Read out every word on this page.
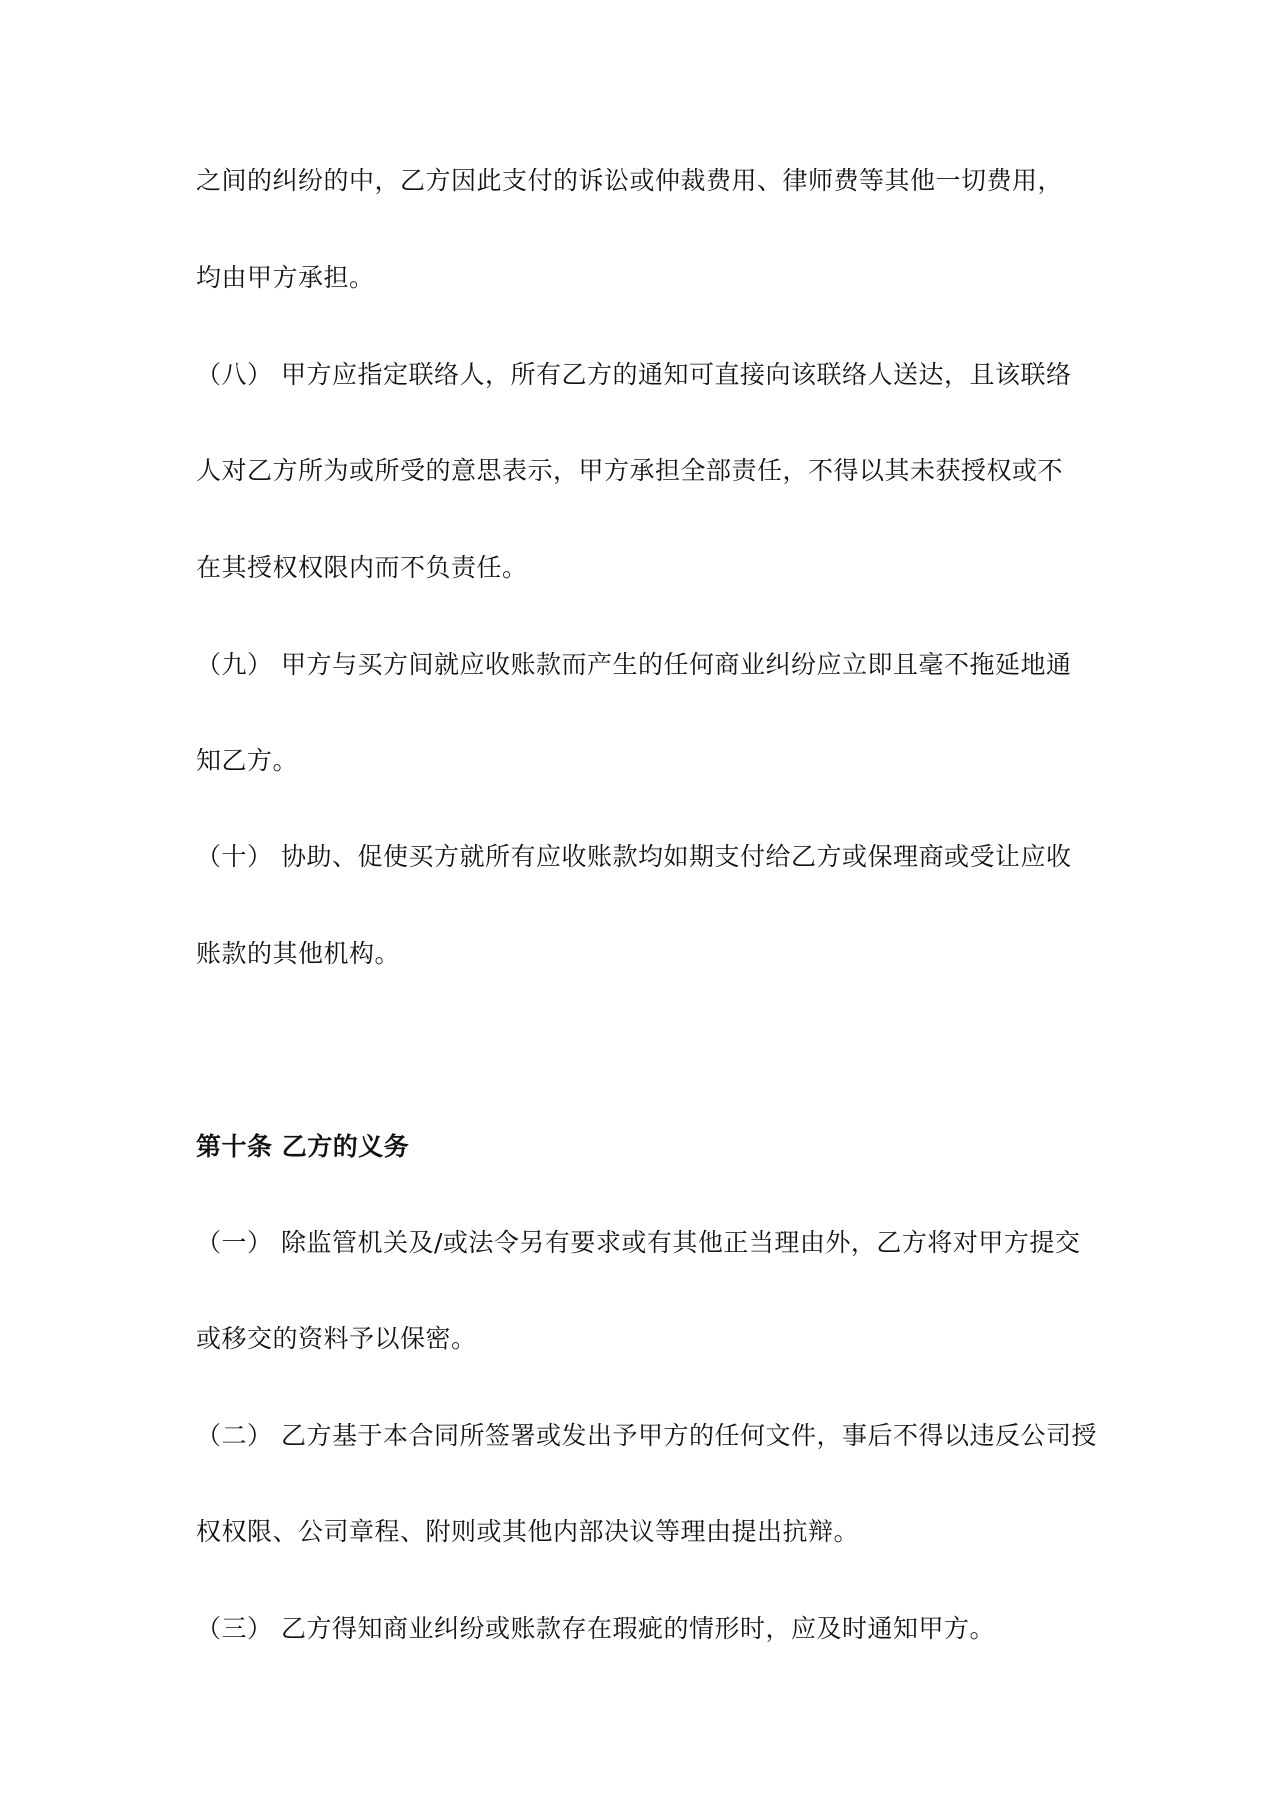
之间的纠纷的中，乙方因此支付的诉讼或仲裁费用、律师费等其他一切费用，
均由甲方承担。
（八） 甲方应指定联络人，所有乙方的通知可直接向该联络人送达，且该联络
人对乙方所为或所受的意思表示，甲方承担全部责任，不得以其未获授权或不
在其授权权限内而不负责任。
（九） 甲方与买方间就应收账款而产生的任何商业纠纷应立即且毫不拖延地通
知乙方。
（十） 协助、促使买方就所有应收账款均如期支付给乙方或保理商或受让应收
账款的其他机构。
第十条 乙方的义务
（一） 除监管机关及/或法令另有要求或有其他正当理由外，乙方将对甲方提交
或移交的资料予以保密。
（二） 乙方基于本合同所签署或发出予甲方的任何文件，事后不得以违反公司授
权权限、公司章程、附则或其他内部决议等理由提出抗辩。
（三） 乙方得知商业纠纷或账款存在瑕疵的情形时，应及时通知甲方。
